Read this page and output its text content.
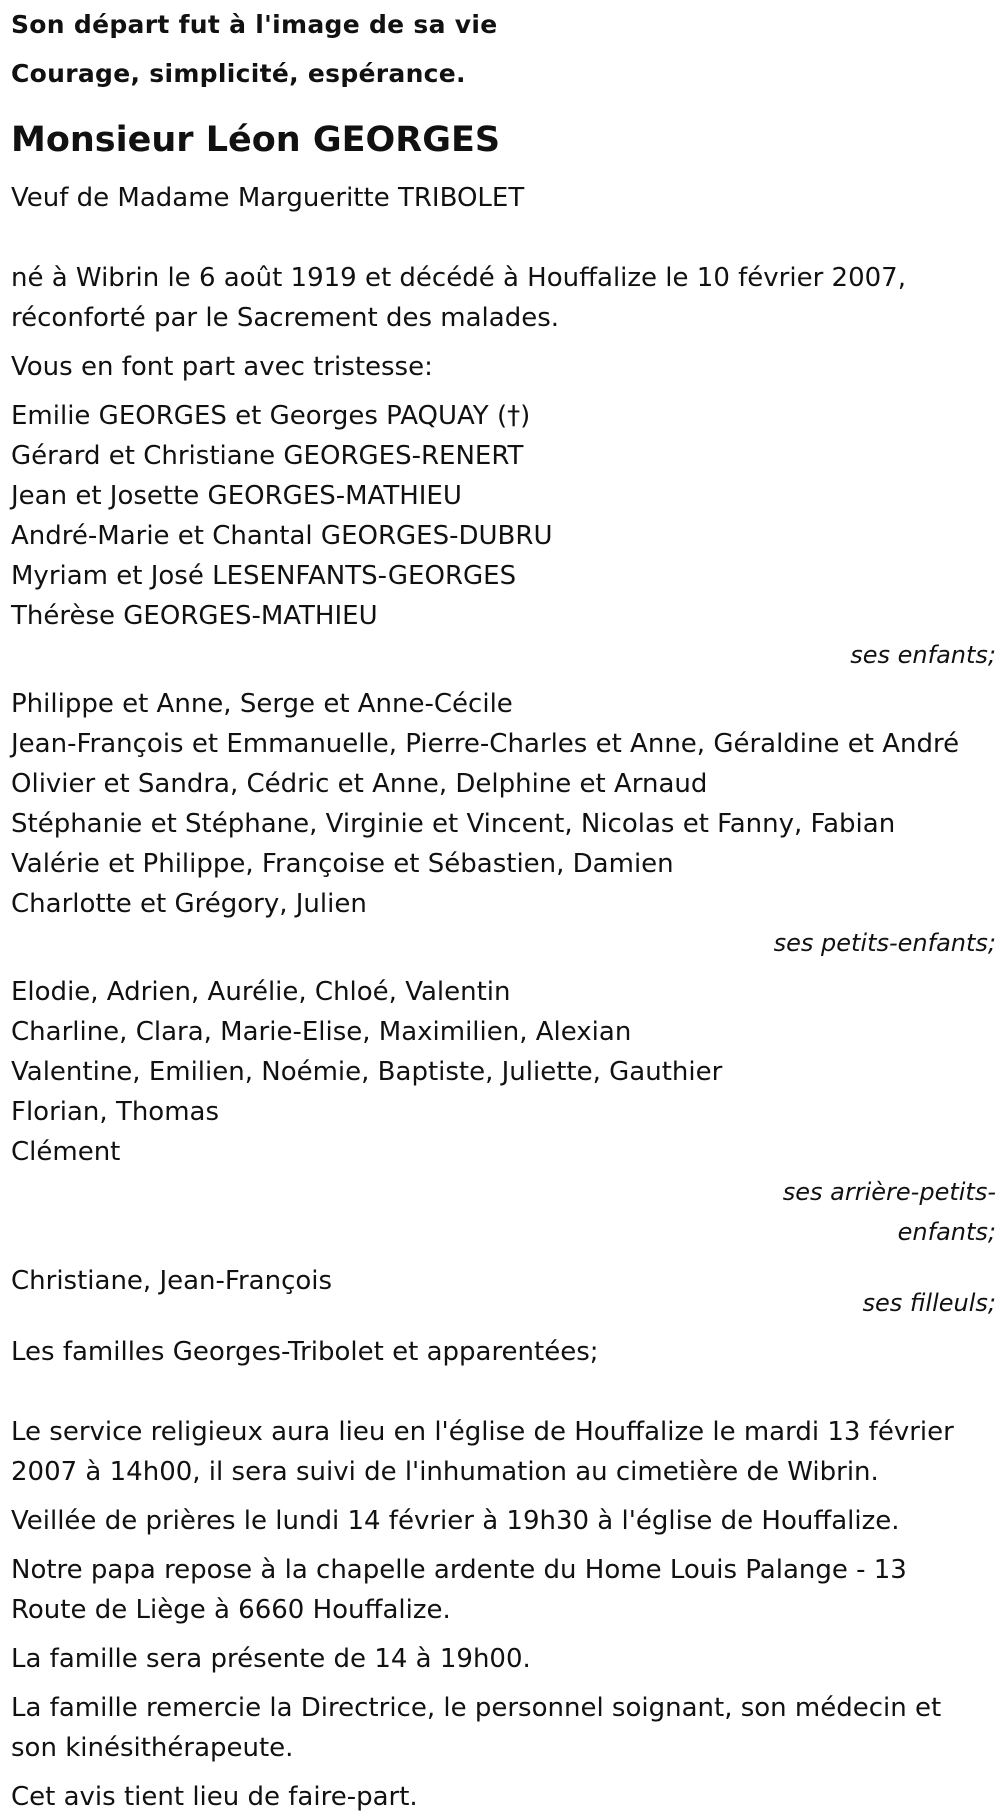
Son départ fut à l'image de sa vie
Courage, simplicité, espérance.
Monsieur Léon GEORGES
Veuf de Madame Margueritte TRIBOLET
né à Wibrin le 6 août 1919 et décédé à Houffalize le 10 février 2007,
réconforté par le Sacrement des malades.
Vous en font part avec tristesse:
Emilie GEORGES et Georges PAQUAY (†)
Gérard et Christiane GEORGES-RENERT
Jean et Josette GEORGES-MATHIEU
André-Marie et Chantal GEORGES-DUBRU
Myriam et José LESENFANTS-GEORGES
Thérèse GEORGES-MATHIEU
ses enfants;
Philippe et Anne, Serge et Anne-Cécile
Jean-François et Emmanuelle, Pierre-Charles et Anne, Géraldine et André
Olivier et Sandra, Cédric et Anne, Delphine et Arnaud
Stéphanie et Stéphane, Virginie et Vincent, Nicolas et Fanny, Fabian
Valérie et Philippe, Françoise et Sébastien, Damien
Charlotte et Grégory, Julien
ses petits-enfants;
Elodie, Adrien, Aurélie, Chloé, Valentin
Charline, Clara, Marie-Elise, Maximilien, Alexian
Valentine, Emilien, Noémie, Baptiste, Juliette, Gauthier
Florian, Thomas
Clément
ses arrière-petits-
enfants;
Christiane, Jean-François
ses filleuls;
Les familles Georges-Tribolet et apparentées;
Le service religieux aura lieu en l'église de Houffalize le mardi 13 février
2007 à 14h00, il sera suivi de l'inhumation au cimetière de Wibrin.
Veillée de prières le lundi 14 février à 19h30 à l'église de Houffalize.
Notre papa repose à la chapelle ardente du Home Louis Palange - 13
Route de Liège à 6660 Houffalize.
La famille sera présente de 14 à 19h00.
La famille remercie la Directrice, le personnel soignant, son médecin et
son kinésithérapeute.
Cet avis tient lieu de faire-part.
